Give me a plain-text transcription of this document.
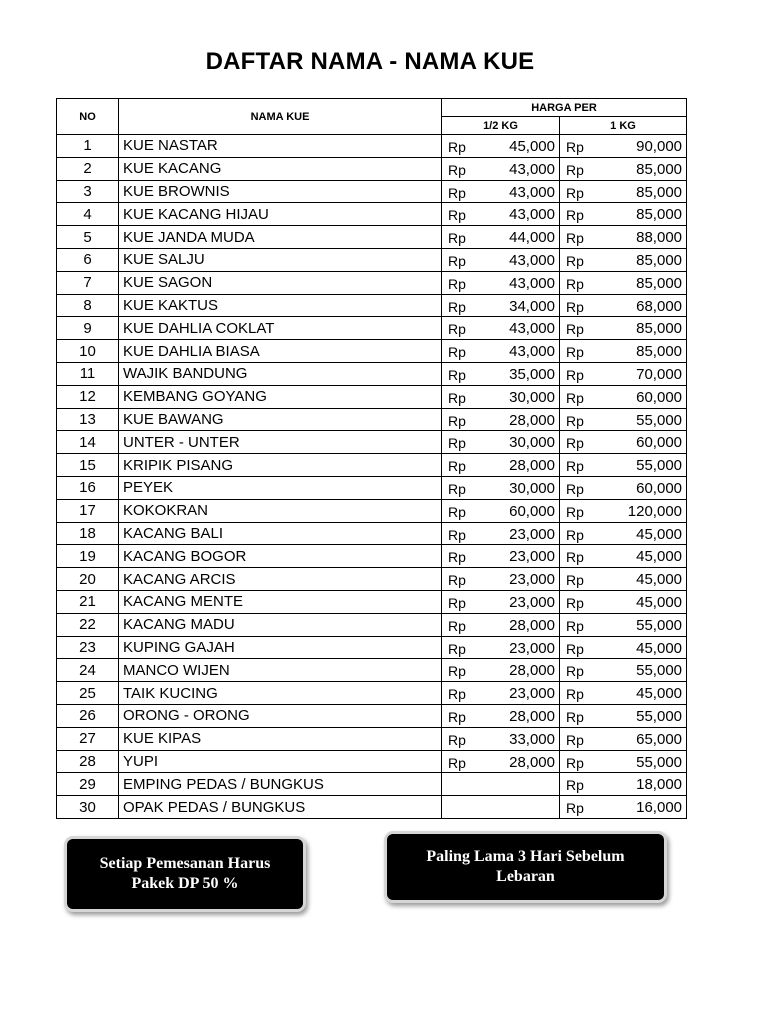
DAFTAR NAMA - NAMA KUE
NO	NAMA KUE	HARGA PER	
		1/2 KG	1 KG
1	KUE NASTAR	Rp 45,000	Rp 90,000

2	KUE KACANG	Rp 43,000	Rp 85,000

3	KUE BROWNIS	Rp 43,000	Rp 85,000

4	KUE KACANG HIJAU	Rp 43,000	Rp 85,000

5	KUE JANDA MUDA	Rp 44,000	Rp 88,000

6	KUE SALJU	Rp 43,000	Rp 85,000

7	KUE SAGON	Rp 43,000	Rp 85,000

8	KUE KAKTUS	Rp 34,000	Rp 68,000

9	KUE DAHLIA COKLAT	Rp 43,000	Rp 85,000

10	KUE DAHLIA BIASA	Rp 43,000	Rp 85,000

11	WAJIK BANDUNG	Rp 35,000	Rp 70,000

12	KEMBANG GOYANG	Rp 30,000	Rp 60,000

13	KUE BAWANG	Rp 28,000	Rp 55,000

14	UNTER - UNTER	Rp 30,000	Rp 60,000

15	KRIPIK PISANG	Rp 28,000	Rp 55,000

16	PEYEK	Rp 30,000	Rp 60,000

17	KOKOKRAN	Rp 60,000	Rp 120,000

18	KACANG BALI	Rp 23,000	Rp 45,000

19	KACANG BOGOR	Rp 23,000	Rp 45,000

20	KACANG ARCIS	Rp 23,000	Rp 45,000

21	KACANG MENTE	Rp 23,000	Rp 45,000

22	KACANG MADU	Rp 28,000	Rp 55,000

23	KUPING GAJAH	Rp 23,000	Rp 45,000

24	MANCO WIJEN	Rp 28,000	Rp 55,000

25	TAIK KUCING	Rp 23,000	Rp 45,000

26	ORONG - ORONG	Rp 28,000	Rp 55,000

27	KUE KIPAS	Rp 33,000	Rp 65,000

28	YUPI	Rp 28,000	Rp 55,000

29	EMPING PEDAS / BUNGKUS		Rp 18,000

30	OPAK PEDAS / BUNGKUS		Rp 16,000
Setiap Pemesanan Harus Pakek DP 50 %
Paling Lama 3 Hari Sebelum Lebaran
